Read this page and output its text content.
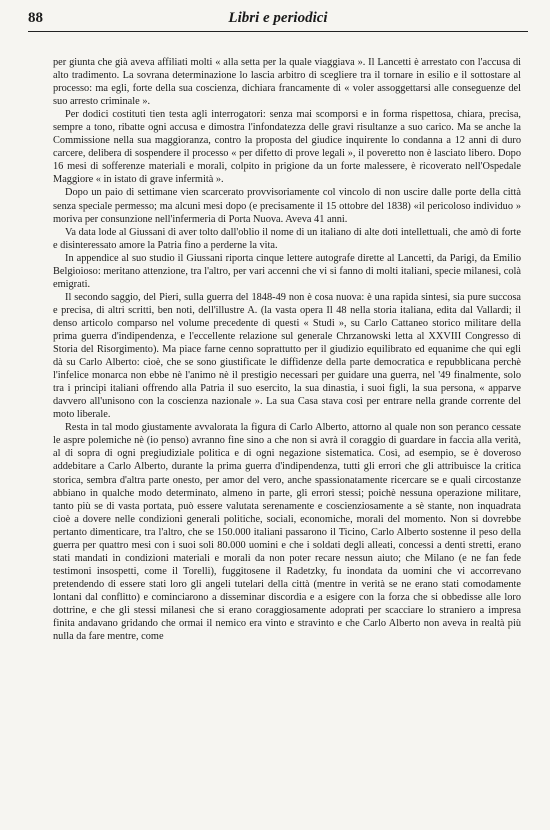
88	Libri e periodici

per giunta che già aveva affiliati molti « alla setta per la quale viaggiava ». Il Lancetti è arrestato con l'accusa di alto tradimento. La sovrana determinazione lo lascia arbitro di scegliere tra il tornare in esilio e il sottostare al processo: ma egli, forte della sua coscienza, dichiara francamente di « voler assoggettarsi alle conseguenze del suo arresto criminale ».

Per dodici costituti tien testa agli interrogatori: senza mai scomporsi e in forma rispettosa, chiara, precisa, sempre a tono, ribatte ogni accusa e dimostra l'infondatezza delle gravi risultanze a suo carico. Ma se anche la Commissione nella sua maggioranza, contro la proposta del giudice inquirente lo condanna a 12 anni di duro carcere, delibera di sospendere il processo « per difetto di prove legali », il poveretto non è lasciato libero. Dopo 16 mesi di sofferenze materiali e morali, colpito in prigione da un forte malessere, è ricoverato nell'Ospedale Maggiore « in istato di grave infermità ».

Dopo un paio di settimane vien scarcerato provvisoriamente col vincolo di non uscire dalle porte della città senza speciale permesso; ma alcuni mesi dopo (e precisamente il 15 ottobre del 1838) «il pericoloso individuo » moriva per consunzione nell'infermeria di Porta Nuova. Aveva 41 anni.

Va data lode al Giussani di aver tolto dall'oblio il nome di un italiano di alte doti intellettuali, che amò di forte e disinteressato amore la Patria fino a perderne la vita.

In appendice al suo studio il Giussani riporta cinque lettere autografe dirette al Lancetti, da Parigi, da Emilio Belgioioso: meritano attenzione, tra l'altro, per vari accenni che vi si fanno di molti italiani, specie milanesi, colà emigrati.

Il secondo saggio, del Pieri, sulla guerra del 1848-49 non è cosa nuova: è una rapida sintesi, sia pure succosa e precisa, di altri scritti, ben noti, dell'illustre A. (la vasta opera Il 48 nella storia italiana, edita dal Vallardi; il denso articolo comparso nel volume precedente di questi « Studi », su Carlo Cattaneo storico militare della prima guerra d'indipendenza, e l'eccellente relazione sul generale Chrzanowski letta al XXVIII Congresso di Storia del Risorgimento). Ma piace farne cenno soprattutto per il giudizio equilibrato ed equanime che qui egli dà su Carlo Alberto: cioè, che se sono giustificate le diffidenze della parte democratica e repubblicana perchè l'infelice monarca non ebbe nè l'animo nè il prestigio necessari per guidare una guerra, nel '49 finalmente, solo tra i principi italiani offrendo alla Patria il suo esercito, la sua dinastia, i suoi figli, la sua persona, « apparve davvero all'unisono con la coscienza nazionale ». La sua Casa stava così per entrare nella grande corrente del moto liberale.

Resta in tal modo giustamente avvalorata la figura di Carlo Alberto, attorno al quale non son peranco cessate le aspre polemiche nè (io penso) avranno fine sino a che non si avrà il coraggio di guardare in faccia alla verità, al di sopra di ogni pregiudiziale politica e di ogni negazione sistematica. Così, ad esempio, se è doveroso addebitare a Carlo Alberto, durante la prima guerra d'indipendenza, tutti gli errori che gli attribuisce la critica storica, sembra d'altra parte onesto, per amor del vero, anche spassionatamente ricercare se e quali circostanze abbiano in qualche modo determinato, almeno in parte, gli errori stessi; poichè nessuna operazione militare, tanto più se di vasta portata, può essere valutata serenamente e coscienziosamente a sè stante, non inquadrata cioè a dovere nelle condizioni generali politiche, sociali, economiche, morali del momento. Non si dovrebbe pertanto dimenticare, tra l'altro, che se 150.000 italiani passarono il Ticino, Carlo Alberto sostenne il peso della guerra per quattro mesi con i suoi soli 80.000 uomini e che i soldati degli alleati, concessi a denti stretti, erano stati mandati in condizioni materiali e morali da non poter recare nessun aiuto; che Milano (e ne fan fede testimoni insospetti, come il Torelli), fuggitosene il Radetzky, fu inondata da uomini che vi accorrevano pretendendo di essere stati loro gli angeli tutelari della città (mentre in verità se ne erano stati comodamente lontani dal conflitto) e cominciarono a disseminar discordia e a esigere con la forza che si obbedisse alle loro dottrine, e che gli stessi milanesi che si erano coraggiosamente adoprati per scacciare lo straniero a impresa finita andavano gridando che ormai il nemico era vinto e stravinto e che Carlo Alberto non aveva in realtà più nulla da fare mentre, come
